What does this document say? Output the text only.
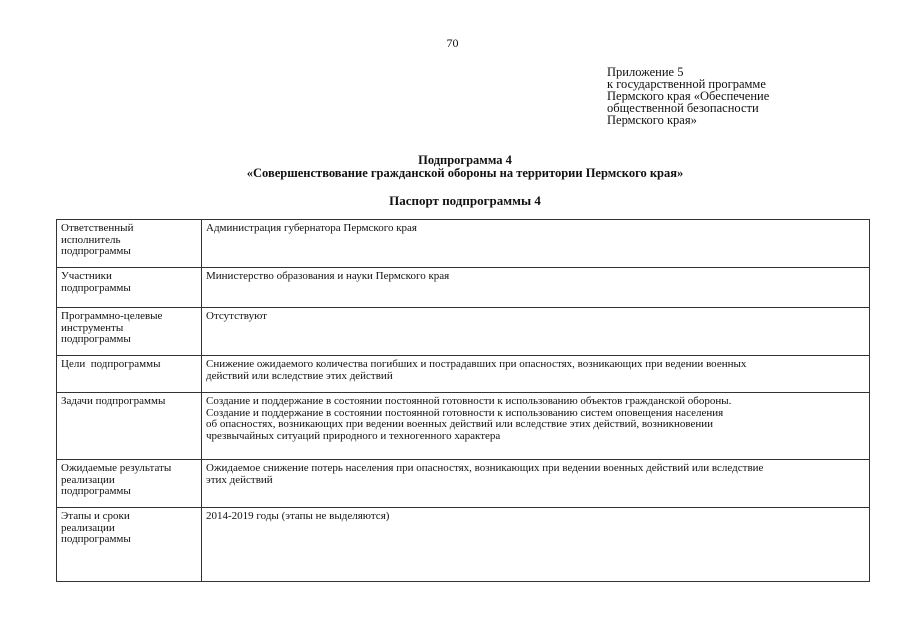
70
Приложение 5
к государственной программе
Пермского края «Обеспечение
общественной безопасности
Пермского края»
Подпрограмма 4
«Совершенствование гражданской обороны на территории Пермского края»
Паспорт подпрограммы 4
Ответственный
исполнитель
подпрограммы	Администрация губернатора Пермского края

Участники
подпрограммы	Министерство образования и науки Пермского края

Программно-целевые
инструменты
подпрограммы	Отсутствуют

Цели  подпрограммы	Снижение ожидаемого количества погибших и пострадавших при опасностях, возникающих при ведении военных
действий или вследствие этих действий

Задачи подпрограммы	Создание и поддержание в состоянии постоянной готовности к использованию объектов гражданской обороны.
Создание и поддержание в состоянии постоянной готовности к использованию систем оповещения населения
об опасностях, возникающих при ведении военных действий или вследствие этих действий, возникновении
чрезвычайных ситуаций природного и техногенного характера

Ожидаемые результаты
реализации
подпрограммы	Ожидаемое снижение потерь населения при опасностях, возникающих при ведении военных действий или вследствие
этих действий

Этапы и сроки
реализации
подпрограммы	2014-2019 годы (этапы не выделяются)
